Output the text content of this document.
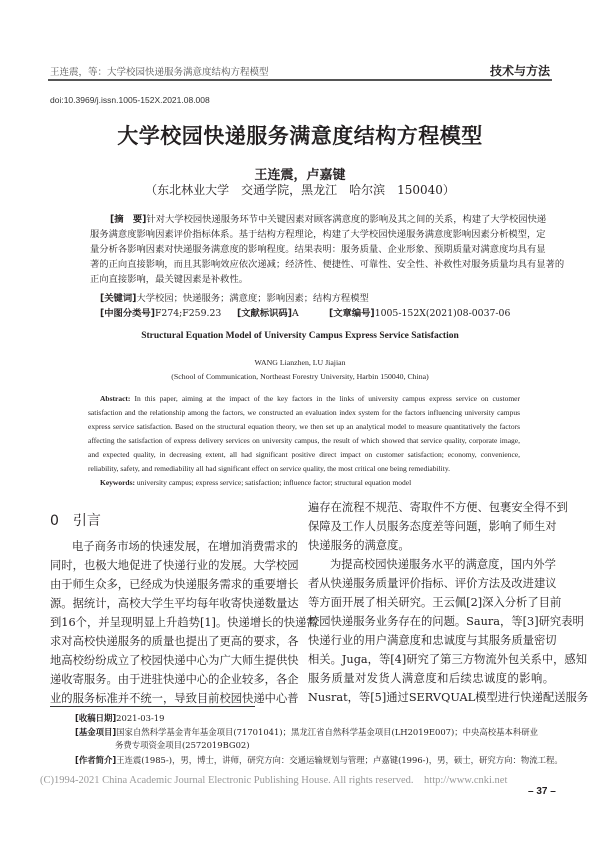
王连震，等：大学校园快递服务满意度结构方程模型	技术与方法
doi:10.3969/j.issn.1005-152X.2021.08.008
大学校园快递服务满意度结构方程模型
王连震，卢嘉键
（东北林业大学　交通学院，黑龙江　哈尔滨　150040）
[摘　要]针对大学校园快递服务环节中关键因素对顾客满意度的影响及其之间的关系，构建了大学校园快递
服务满意度影响因素评价指标体系。基于结构方程理论，构建了大学校园快递服务满意度影响因素分析模型，定
量分析各影响因素对快递服务满意度的影响程度。结果表明：服务质量、企业形象、预期质量对满意度均具有显
著的正向直接影响，而且其影响效应依次递减；经济性、便捷性、可靠性、安全性、补救性对服务质量均具有显著的
正向直接影响，最关键因素是补救性。
[关键词]大学校园；快递服务；满意度；影响因素；结构方程模型
[中图分类号]F274;F259.23 [文献标识码]A	[文章编号]1005-152X(2021)08-0037-06
Structural Equation Model of University Campus Express Service Satisfaction
WANG Lianzhen, LU Jiajian
(School of Communication, Northeast Forestry University, Harbin 150040, China)
Abstract: In this paper, aiming at the impact of the key factors in the links of university campus express service on customer
satisfaction and the relationship among the factors, we constructed an evaluation index system for the factors influencing university campus
express service satisfaction. Based on the structural equation theory, we then set up an analytical model to measure quantitatively the factors
affecting the satisfaction of express delivery services on university campus, the result of which showed that service quality, corporate image,
and expected quality, in decreasing extent, all had significant positive direct impact on customer satisfaction; economy, convenience,
reliability, safety, and remediability all had significant effect on service quality, the most critical one being remediability.
Keywords: university campus; express service; satisfaction; influence factor; structural equation model
0　引言
电子商务市场的快速发展，在增加消费需求的
同时，也极大地促进了快递行业的发展。大学校园
由于师生众多，已经成为快递服务需求的重要增长
源。据统计，高校大学生平均每年收寄快递数量达
到16个，并呈现明显上升趋势[1]。快递增长的快递需
求对高校快递服务的质量也提出了更高的要求，各
地高校纷纷成立了校园快递中心为广大师生提供快
递收寄服务。由于进驻快递中心的企业较多，各企
业的服务标准并不统一，导致目前校园快递中心普
遍存在流程不规范、寄取件不方便、包裹安全得不到
保障及工作人员服务态度差等问题，影响了师生对
快递服务的满意度。
为提高校园快递服务水平的满意度，国内外学
者从快递服务质量评价指标、评价方法及改进建议
等方面开展了相关研究。王云佩[2]深入分析了目前
校园快递服务业务存在的问题。Saura，等[3]研究表明
快递行业的用户满意度和忠诚度与其服务质量密切
相关。Juga，等[4]研究了第三方物流外包关系中，感知
服务质量对发货人满意度和后续忠诚度的影响。
Nusrat，等[5]通过SERVQUAL模型进行快递配送服务
[收稿日期]2021-03-19
[基金项目]国家自然科学基金青年基金项目(71701041)；黑龙江省自然科学基金项目(LH2019E007)；中央高校基本科研业
务费专项资金项目(2572019BG02)
[作者简介]王连震(1985-)，男，博士，讲师，研究方向：交通运输规划与管理；卢嘉键(1996-)，男，硕士，研究方向：物流工程。
(C)1994-2021 China Academic Journal Electronic Publishing House. All rights reserved.　http://www.cnki.net
– 37 –
